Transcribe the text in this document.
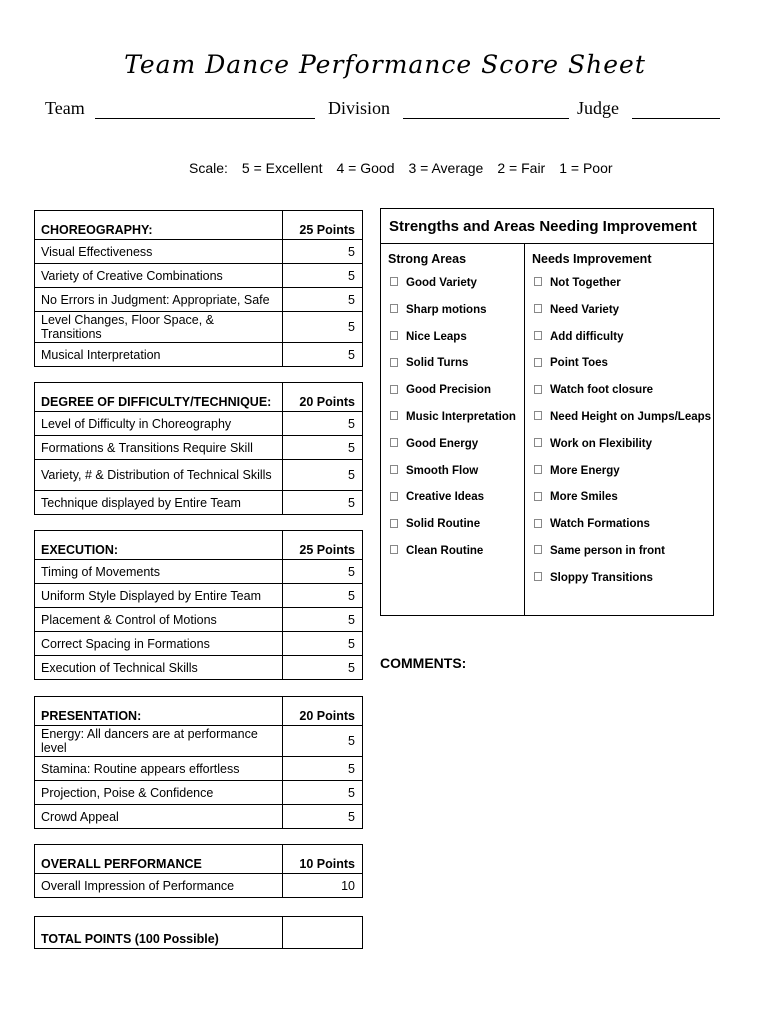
Team Dance Performance Score Sheet
Team	Division	Judge
Scale: 5 = Excellent 4 = Good 3 = Average 2 = Fair 1 = Poor
CHOREOGRAPHY:	25 Points
Visual Effectiveness	5
Variety of Creative Combinations	5
No Errors in Judgment: Appropriate, Safe	5
Level Changes, Floor Space, & Transitions	5
Musical Interpretation	5
DEGREE OF DIFFICULTY/TECHNIQUE:	20 Points
Level of Difficulty in Choreography	5
Formations & Transitions Require Skill	5
Variety, # & Distribution of Technical Skills	5
Technique displayed by Entire Team	5
EXECUTION:	25 Points
Timing of Movements	5
Uniform Style Displayed by Entire Team	5
Placement & Control of Motions	5
Correct Spacing in Formations	5
Execution of Technical Skills	5
PRESENTATION:	20 Points
Energy: All dancers are at performance level	5
Stamina: Routine appears effortless	5
Projection, Poise & Confidence	5
Crowd Appeal	5
OVERALL PERFORMANCE	10 Points
Overall Impression of Performance	10
TOTAL POINTS (100 Possible)	
Strengths and Areas Needing Improvement
Strong Areas
Good Variety
Sharp motions
Nice Leaps
Solid Turns
Good Precision
Music Interpretation
Good Energy
Smooth Flow
Creative Ideas
Solid Routine
Clean Routine
Needs Improvement
Not Together
Need Variety
Add difficulty
Point Toes
Watch foot closure
Need Height on Jumps/Leaps
Work on Flexibility
More Energy
More Smiles
Watch Formations
Same person in front
Sloppy Transitions
COMMENTS:
